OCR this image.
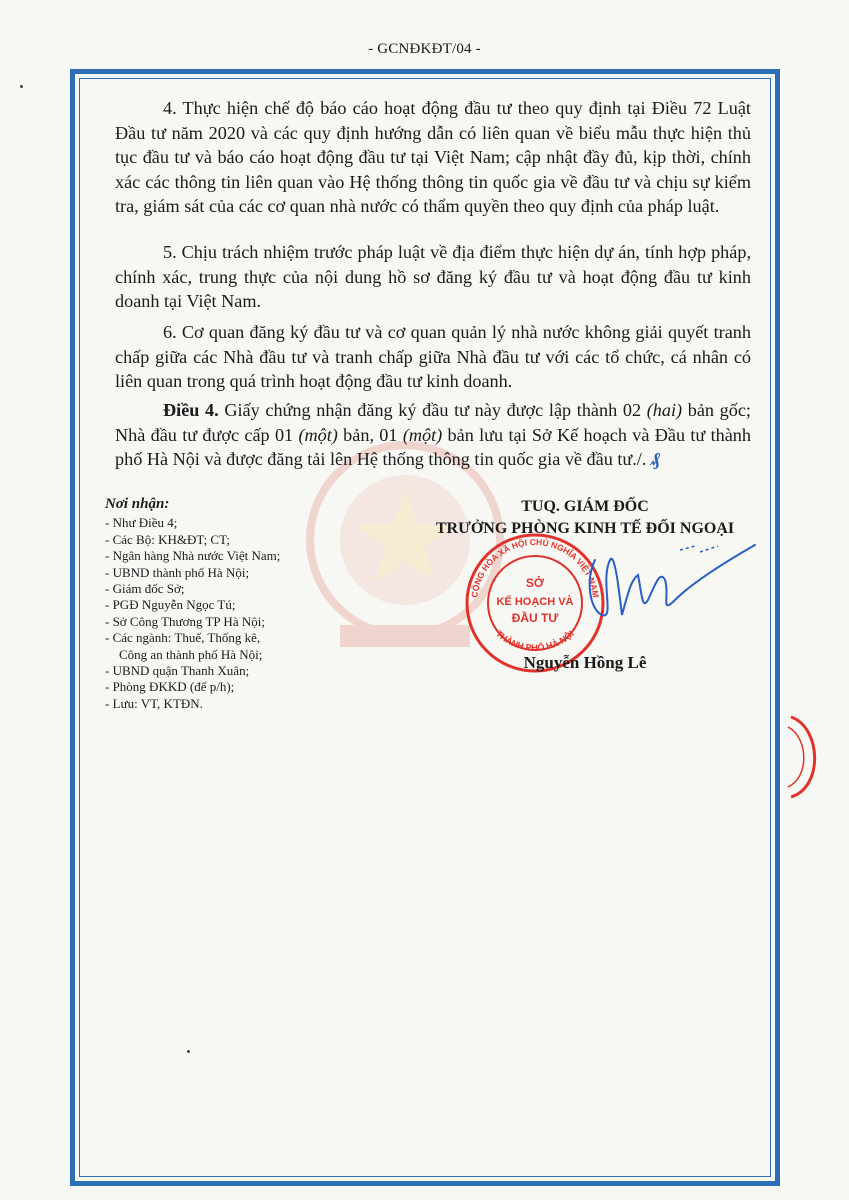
- GCNĐKĐT/04 -

4. Thực hiện chế độ báo cáo hoạt động đầu tư theo quy định tại Điều 72 Luật Đầu tư năm 2020 và các quy định hướng dẫn có liên quan về biểu mẫu thực hiện thủ tục đầu tư và báo cáo hoạt động đầu tư tại Việt Nam; cập nhật đầy đủ, kịp thời, chính xác các thông tin liên quan vào Hệ thống thông tin quốc gia về đầu tư và chịu sự kiểm tra, giám sát của các cơ quan nhà nước có thẩm quyền theo quy định của pháp luật.

5. Chịu trách nhiệm trước pháp luật về địa điểm thực hiện dự án, tính hợp pháp, chính xác, trung thực của nội dung hồ sơ đăng ký đầu tư và hoạt động đầu tư kinh doanh tại Việt Nam.

6. Cơ quan đăng ký đầu tư và cơ quan quản lý nhà nước không giải quyết tranh chấp giữa các Nhà đầu tư và tranh chấp giữa Nhà đầu tư với các tổ chức, cá nhân có liên quan trong quá trình hoạt động đầu tư kinh doanh.

Điều 4. Giấy chứng nhận đăng ký đầu tư này được lập thành 02 (hai) bản gốc; Nhà đầu tư được cấp 01 (một) bản, 01 (một) bản lưu tại Sở Kế hoạch và Đầu tư thành phố Hà Nội và được đăng tải lên Hệ thống thông tin quốc gia về đầu tư./. ₰

Nơi nhận:
- Như Điều 4;
- Các Bộ: KH&ĐT; CT;
- Ngân hàng Nhà nước Việt Nam;
- UBND thành phố Hà Nội;
- Giám đốc Sở;
- PGĐ Nguyễn Ngọc Tú;
- Sở Công Thương TP Hà Nội;
- Các ngành: Thuế, Thống kê,
Công an thành phố Hà Nội;
- UBND quận Thanh Xuân;
- Phòng ĐKKD (để p/h);
- Lưu: VT, KTĐN.
TUQ. GIÁM ĐỐC
TRƯỞNG PHÒNG KINH TẾ ĐỐI NGOẠI
CỘNG HÒA XÃ HỘI CHỦ NGHĨA VIỆT NAM
THÀNH PHỐ HÀ NỘI
SỞ
KẾ HOẠCH VÀ
ĐẦU TƯ
Nguyễn Hồng Lê
